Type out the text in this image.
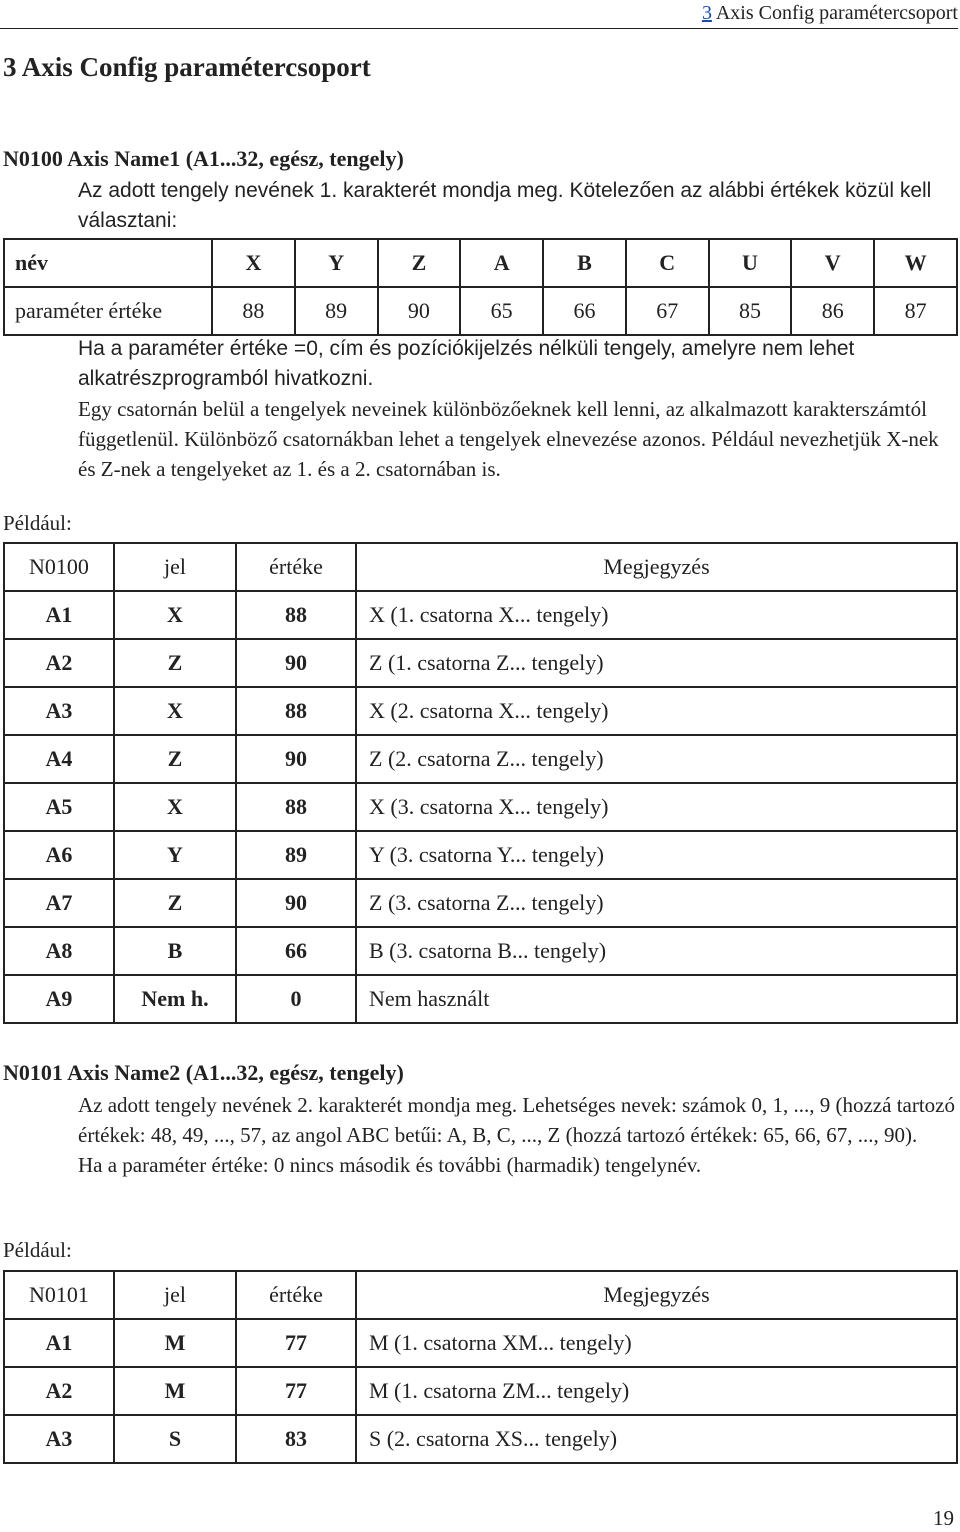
3 Axis Config paramétercsoport
3 Axis Config paramétercsoport
N0100 Axis Name1 (A1...32, egész, tengely)

Az adott tengely nevének 1. karakterét mondja meg. Kötelezően az alábbi értékek közül kell választani:

név	X	Y	Z	A	B	C	U	V	W
paraméter értéke	88	89	90	65	66	67	85	86	87

Ha a paraméter értéke =0, cím és pozíciókijelzés nélküli tengely, amelyre nem lehet alkatrészprogramból hivatkozni.

Egy csatornán belül a tengelyek neveinek különbözőeknek kell lenni, az alkalmazott karakterszámtól függetlenül. Különböző csatornákban lehet a tengelyek elnevezése azonos. Például nevezhetjük X-nek és Z-nek a tengelyeket az 1. és a 2. csatornában is.

Például:
N0100	jel	értéke	Megjegyzés
A1	X	88	X (1. csatorna X... tengely)
A2	Z	90	Z (1. csatorna Z... tengely)
A3	X	88	X (2. csatorna X... tengely)
A4	Z	90	Z (2. csatorna Z... tengely)
A5	X	88	X (3. csatorna X... tengely)
A6	Y	89	Y (3. csatorna Y... tengely)
A7	Z	90	Z (3. csatorna Z... tengely)
A8	B	66	B (3. csatorna B... tengely)
A9	Nem h.	0	Nem használt
N0101 Axis Name2 (A1...32, egész, tengely)

Az adott tengely nevének 2. karakterét mondja meg. Lehetséges nevek: számok 0, 1, ..., 9 (hozzá tartozó értékek: 48, 49, ..., 57, az angol ABC betűi: A, B, C, ..., Z (hozzá tartozó értékek: 65, 66, 67, ..., 90).

Ha a paraméter értéke: 0 nincs második és további (harmadik) tengelynév.

Például:
N0101	jel	értéke	Megjegyzés
A1	M	77	M (1. csatorna XM... tengely)
A2	M	77	M (1. csatorna ZM... tengely)
A3	S	83	S (2. csatorna XS... tengely)
19
